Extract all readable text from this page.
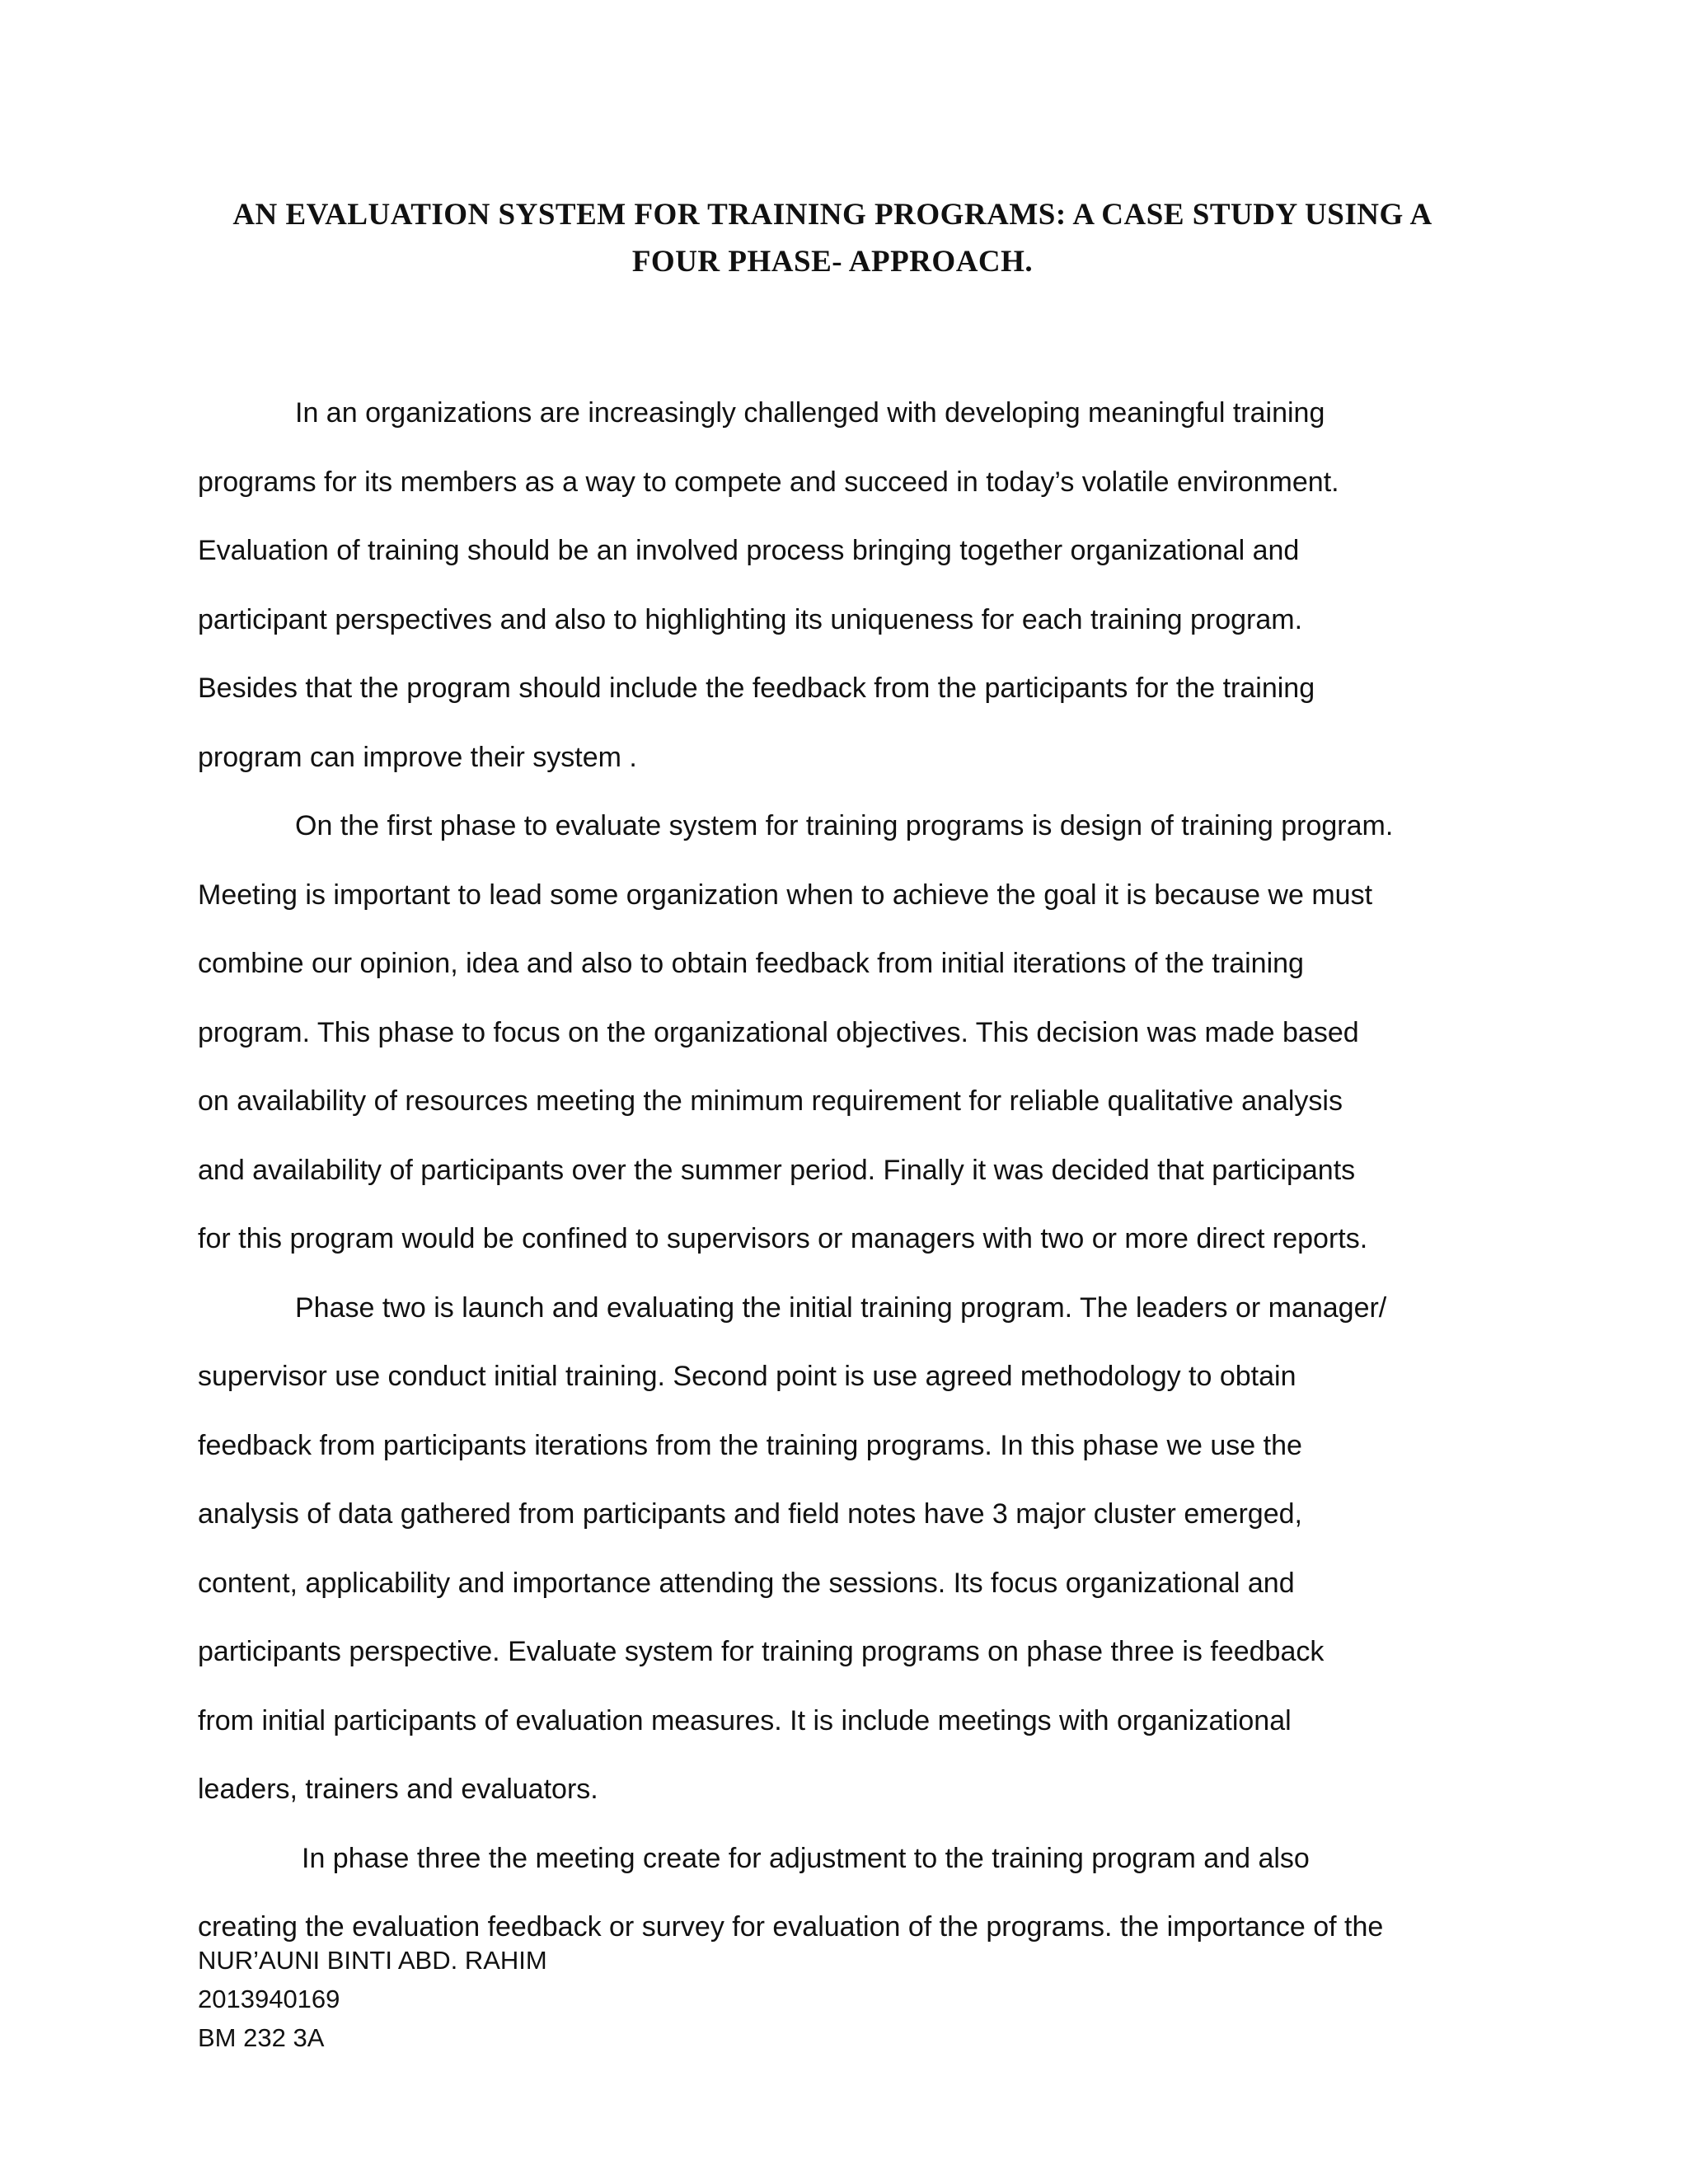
AN EVALUATION SYSTEM FOR TRAINING PROGRAMS: A CASE STUDY USING A
FOUR PHASE- APPROACH.
In an organizations are increasingly challenged with developing meaningful training
programs for its members as a way to compete and succeed in today’s volatile environment.
Evaluation of training should be an involved process bringing together organizational and
participant perspectives and also to highlighting its uniqueness for each training program.
Besides that the program should include the feedback from the participants for the training
program can improve their system .
On the first phase to evaluate system for training programs is design of training program.
Meeting is important to lead some organization when to achieve the goal it is because we must
combine our opinion, idea and also to obtain feedback from initial iterations of the training
program. This phase to focus on the organizational objectives. This decision was made based
on availability of resources meeting the minimum requirement for reliable qualitative analysis
and availability of participants over the summer period. Finally it was decided that participants
for this program would be confined to supervisors or managers with two or more direct reports.
Phase two is launch and evaluating the initial training program. The leaders or manager/
supervisor use conduct initial training. Second point is use agreed methodology to obtain
feedback from participants iterations from the training programs. In this phase we use the
analysis of data gathered from participants and field notes have 3 major cluster emerged,
content, applicability and importance attending the sessions. Its focus organizational and
participants perspective. Evaluate system for training programs on phase three is feedback
from initial participants of evaluation measures. It is include meetings with organizational
leaders, trainers and evaluators.
In phase three the meeting create for adjustment to the training program and also
creating the evaluation feedback or survey for evaluation of the programs. the importance of the
NUR’AUNI BINTI ABD. RAHIM
2013940169
BM 232 3A
